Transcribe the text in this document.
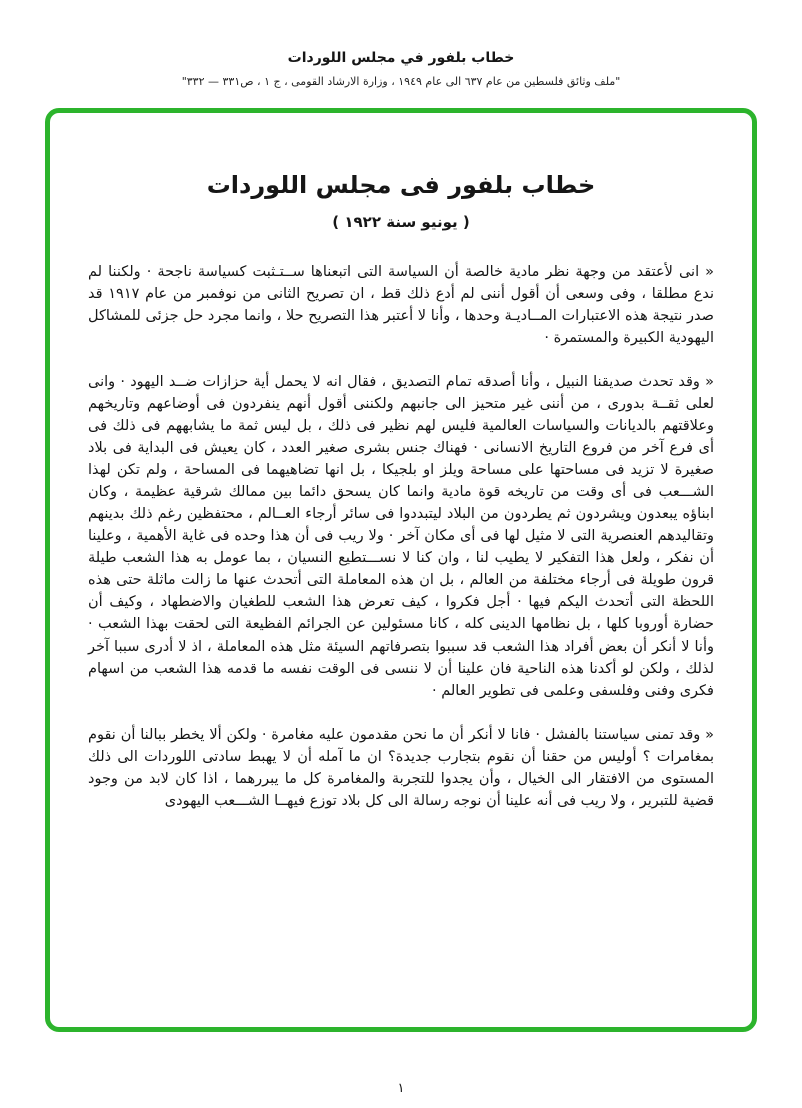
خطاب بلفور في مجلس اللوردات
"ملف وثائق فلسطين من عام ٦٣٧ الى عام ١٩٤٩ ، وزارة الارشاد القومى ، ج ١ ، ص٣٣١ — ٣٣٢"
خطاب بلفور فى مجلس اللوردات
( يونيو سنة ١٩٢٢ )

« انى لأعتقد من وجهة نظر مادية خالصة أن السياسة التى اتبعناها ســتـثبت كسياسة ناجحة · ولكننا لم ندع مطلقا ، وفى وسعى أن أقول أننى لم أدع ذلك قط ، ان تصريح الثانى من نوفمبر من عام ١٩١٧ قد صدر نتيجة هذه الاعتبارات المــاديـة وحدها ، وأنا لا أعتبر هذا التصريح حلا ، وانما مجرد حل جزئى للمشاكل اليهودية الكبيرة والمستمرة ·

« وقد تحدث صديقنا النبيل ، وأنا أصدقه تمام التصديق ، فقال انه لا يحمل أية حزازات ضــد اليهود · وانى لعلى ثقــة بدورى ، من أننى غير متحيز الى جانبهم ولكننى أقول أنهم ينفردون فى أوضاعهم وتاريخهم وعلاقتهم بالديانات والسياسات العالمية فليس لهم نظير فى ذلك ، بل ليس ثمة ما يشابههم فى ذلك فى أى فرع آخر من فروع التاريخ الانسانى · فهناك جنس بشرى صغير العدد ، كان يعيش فى البداية فى بلاد صغيرة لا تزيد فى مساحتها على مساحة ويلز او بلجيكا ، بل انها تضاهيهما فى المساحة ، ولم تكن لهذا الشـــعب فى أى وقت من تاريخه قوة مادية وانما كان يسحق دائما بين ممالك شرقية عظيمة ، وكان ابناؤه يبعدون ويشردون ثم يطردون من البلاد ليتبددوا فى سائر أرجاء العــالم ، محتفظين رغم ذلك بدينهم وتقاليدهم العنصرية التى لا مثيل لها فى أى مكان آخر · ولا ريب فى أن هذا وحده فى غاية الأهمية ، وعلينا أن نفكر ، ولعل هذا التفكير لا يطيب لنا ، وان كنا لا نســـتطيع النسيان ، بما عومل به هذا الشعب طيلة قرون طويلة فى أرجاء مختلفة من العالم ، بل ان هذه المعاملة التى أتحدث عنها ما زالت ماثلة حتى هذه اللحظة التى أتحدث اليكم فيها · أجل فكروا ، كيف تعرض هذا الشعب للطغيان والاضطهاد ، وكيف أن حضارة أوروبا كلها ، بل نظامها الدينى كله ، كانا مسئولين عن الجرائم الفظيعة التى لحقت بهذا الشعب · وأنا لا أنكر أن بعض أفراد هذا الشعب قد سببوا بتصرفاتهم السيئة مثل هذه المعاملة ، اذ لا أدرى سببا آخر لذلك ، ولكن لو أكدنا هذه الناحية فان علينا أن لا ننسى فى الوقت نفسه ما قدمه هذا الشعب من اسهام فكرى وفنى وفلسفى وعلمى فى تطوير العالم ·

« وقد تمنى سياستنا بالفشل · فانا لا أنكر أن ما نحن مقدمون عليه مغامرة · ولكن ألا يخطر ببالنا أن نقوم بمغامرات ؟ أوليس من حقنا أن نقوم بتجارب جديدة؟ ان ما آمله أن لا يهبط سادتى اللوردات الى ذلك المستوى من الافتقار الى الخيال ، وأن يجدوا للتجربة والمغامرة كل ما يبررهما ، اذا كان لابد من وجود قضية للتبرير ، ولا ريب فى أنه علينا أن نوجه رسالة الى كل بلاد توزع فيهــا الشـــعب اليهودى

١
